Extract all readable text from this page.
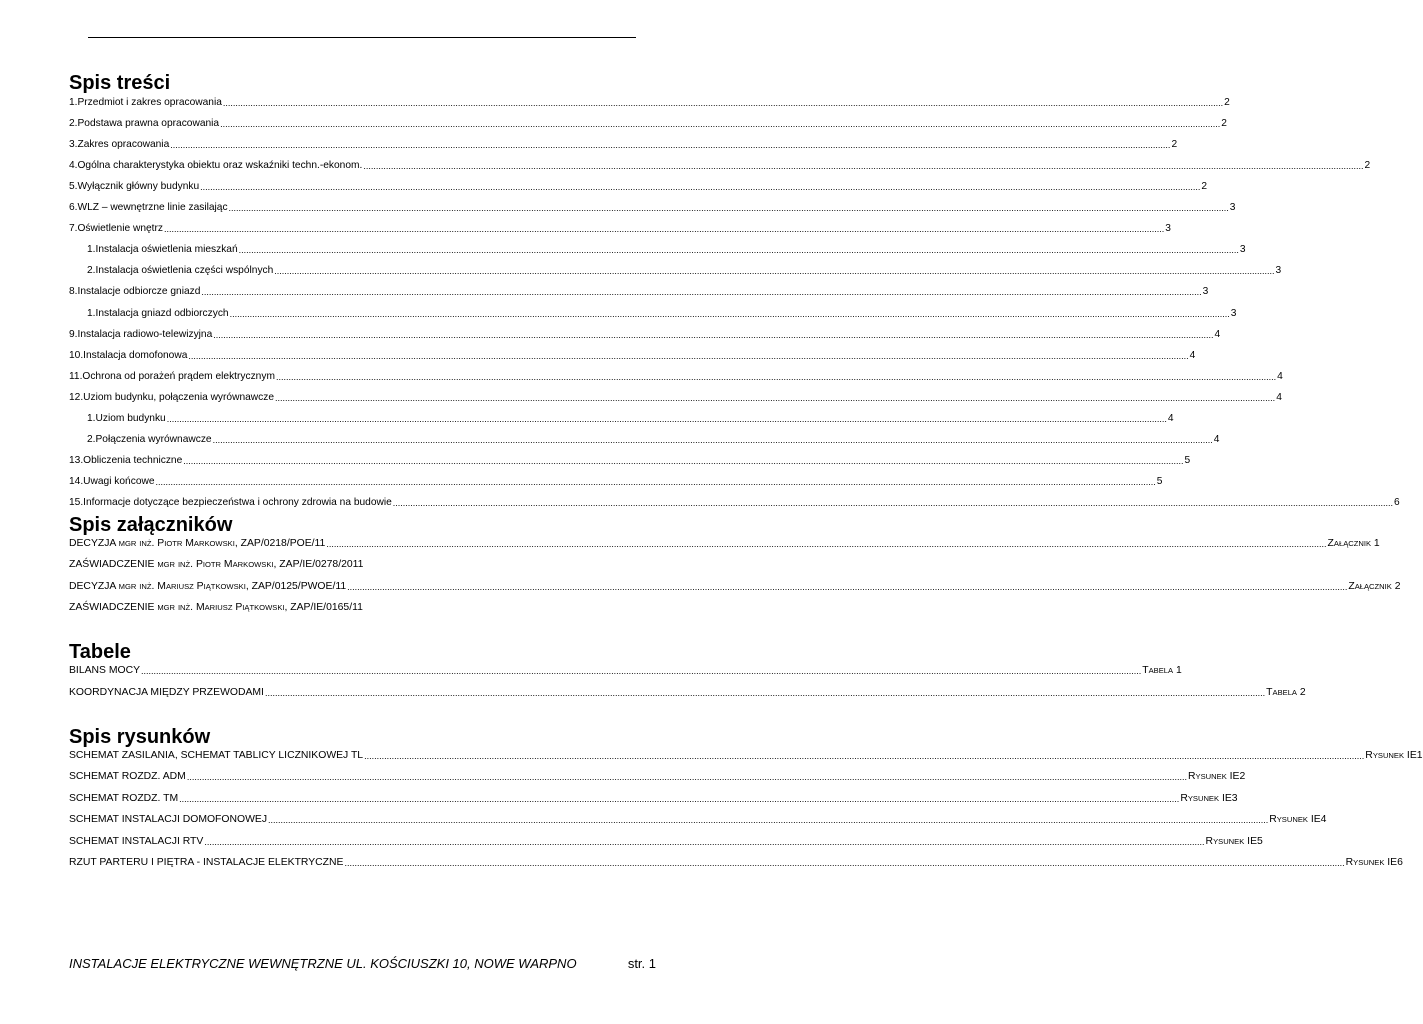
Spis treści
1.Przedmiot i zakres opracowania ................................................................................................................................................................................................................................................................................................................................................................................................................ 2
2.Podstawa prawna opracowania ................................................................................................................................................................................................................................................................................................................................................................................................................ 2
3.Zakres opracowania ................................................................................................................................................................................................................................................................................................................................................................................................................ 2
4.Ogólna charakterystyka obiektu oraz wskaźniki techn.-ekonom. ................................................................................................................................................................................................................................................................................................................................................................................................................ 2
5.Wyłącznik główny budynku ................................................................................................................................................................................................................................................................................................................................................................................................................ 2
6.WLZ – wewnętrzne linie zasilając ................................................................................................................................................................................................................................................................................................................................................................................................................ 3
7.Oświetlenie wnętrz ................................................................................................................................................................................................................................................................................................................................................................................................................ 3
1.Instalacja oświetlenia mieszkań ................................................................................................................................................................................................................................................................................................................................................................................................................ 3
2.Instalacja oświetlenia części wspólnych ................................................................................................................................................................................................................................................................................................................................................................................................................ 3
8.Instalacje odbiorcze gniazd ................................................................................................................................................................................................................................................................................................................................................................................................................ 3
1.Instalacja gniazd odbiorczych ................................................................................................................................................................................................................................................................................................................................................................................................................ 3
9.Instalacja radiowo-telewizyjna ................................................................................................................................................................................................................................................................................................................................................................................................................ 4
10.Instalacja domofonowa ................................................................................................................................................................................................................................................................................................................................................................................................................ 4
11.Ochrona od porażeń prądem elektrycznym ................................................................................................................................................................................................................................................................................................................................................................................................................ 4
12.Uziom budynku, połączenia wyrównawcze ................................................................................................................................................................................................................................................................................................................................................................................................................ 4
1.Uziom budynku ................................................................................................................................................................................................................................................................................................................................................................................................................ 4
2.Połączenia wyrównawcze ................................................................................................................................................................................................................................................................................................................................................................................................................ 4
13.Obliczenia techniczne ................................................................................................................................................................................................................................................................................................................................................................................................................ 5
14.Uwagi końcowe ................................................................................................................................................................................................................................................................................................................................................................................................................ 5
15.Informacje dotyczące bezpieczeństwa i ochrony zdrowia na budowie ................................................................................................................................................................................................................................................................................................................................................................................................................ 6
Spis załączników
DECYZJA MGR INŻ. PIOTR MARKOWSKI, ZAP/0218/POE/11 ................................................................................................................................................................................................................................................................................................................................................................................................................ ZAŁĄCZNIK 1
ZAŚWIADCZENIE MGR INŻ. PIOTR MARKOWSKI, ZAP/IE/0278/2011
DECYZJA MGR INŻ. MARIUSZ PIĄTKOWSKI, ZAP/0125/PWOE/11 ................................................................................................................................................................................................................................................................................................................................................................................................................ ZAŁĄCZNIK 2
ZAŚWIADCZENIE MGR INŻ. MARIUSZ PIĄTKOWSKI, ZAP/IE/0165/11
Tabele
BILANS MOCY ................................................................................................................................................................................................................................................................................................................................................................................................................ TABELA 1
KOORDYNACJA MIĘDZY PRZEWODAMI ................................................................................................................................................................................................................................................................................................................................................................................................................ TABELA 2
Spis rysunków
SCHEMAT ZASILANIA, SCHEMAT TABLICY LICZNIKOWEJ TL ................................................................................................................................................................................................................................................................................................................................................................................................................ RYSUNEK IE1
SCHEMAT ROZDZ. ADM ................................................................................................................................................................................................................................................................................................................................................................................................................ RYSUNEK IE2
SCHEMAT ROZDZ. TM ................................................................................................................................................................................................................................................................................................................................................................................................................ RYSUNEK IE3
SCHEMAT INSTALACJI DOMOFONOWEJ ................................................................................................................................................................................................................................................................................................................................................................................................................ RYSUNEK IE4
SCHEMAT INSTALACJI RTV ................................................................................................................................................................................................................................................................................................................................................................................................................ RYSUNEK IE5
RZUT PARTERU I PIĘTRA - INSTALACJE ELEKTRYCZNE ................................................................................................................................................................................................................................................................................................................................................................................................................ RYSUNEK IE6
INSTALACJE ELEKTRYCZNE WEWNĘTRZNE UL. KOŚCIUSZKI 10, NOWE WARPNO	str. 1
